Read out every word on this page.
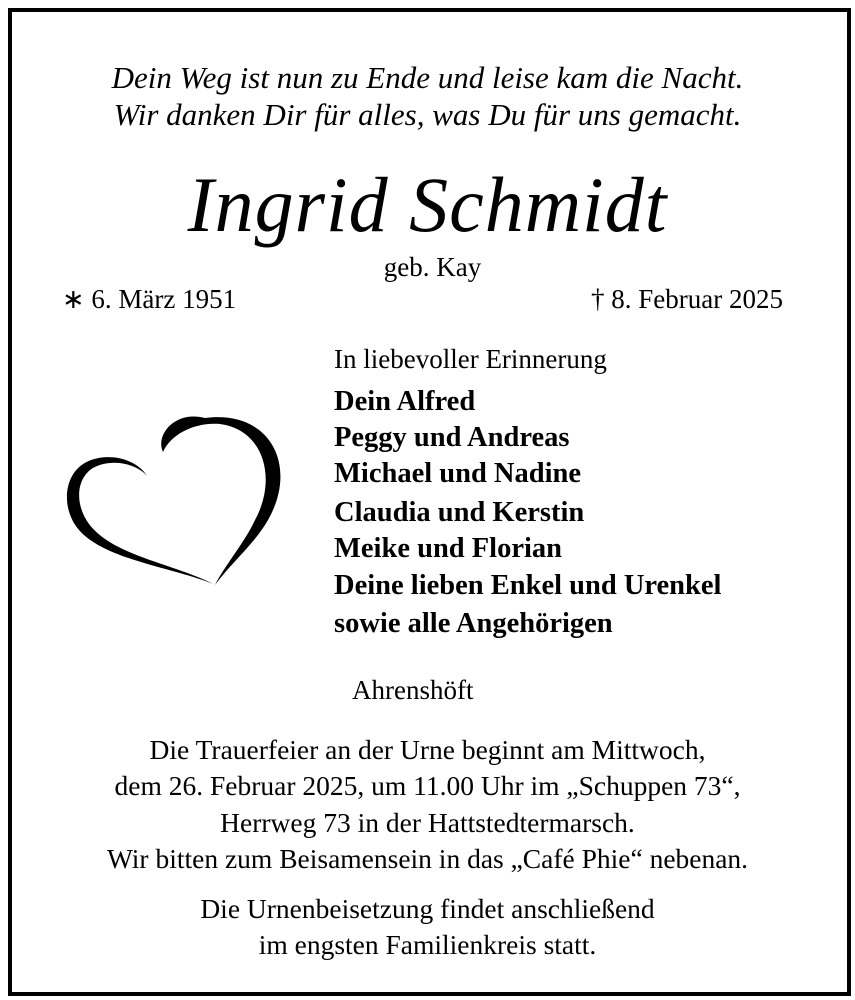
Dein Weg ist nun zu Ende und leise kam die Nacht.
Wir danken Dir für alles, was Du für uns gemacht.
Ingrid Schmidt
geb. Kay
∗ 6. März 1951	† 8. Februar 2025
In liebevoller Erinnerung
Dein Alfred
Peggy und Andreas
Michael und Nadine
Claudia und Kerstin
Meike und Florian
Deine lieben Enkel und Urenkel
sowie alle Angehörigen
Ahrenshöft
Die Trauerfeier an der Urne beginnt am Mittwoch,
dem 26. Februar 2025, um 11.00 Uhr im „Schuppen 73“,
Herrweg 73 in der Hattstedtermarsch.
Wir bitten zum Beisamensein in das „Café Phie“ nebenan.
Die Urnenbeisetzung findet anschließend
im engsten Familienkreis statt.
